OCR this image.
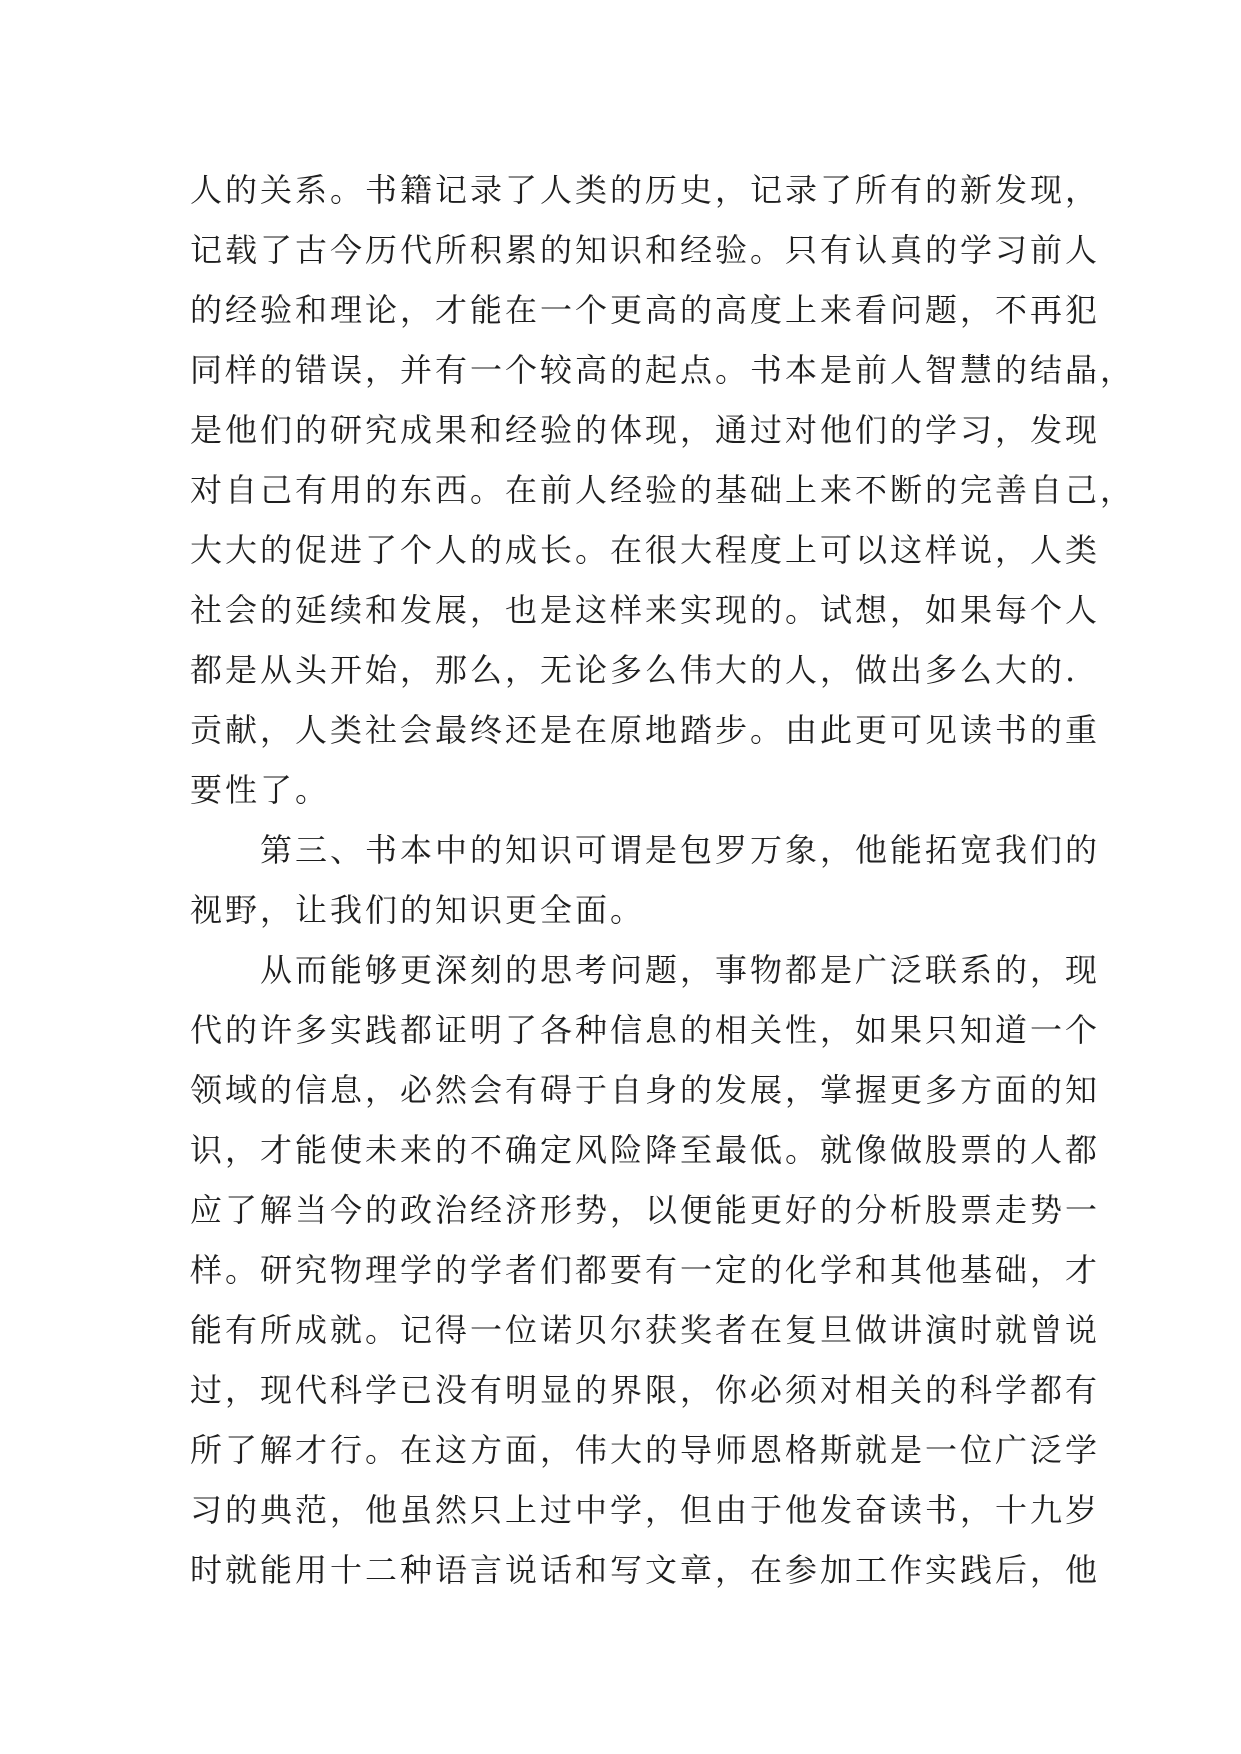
人的关系。书籍记录了人类的历史，记录了所有的新发现，
记载了古今历代所积累的知识和经验。只有认真的学习前人
的经验和理论，才能在一个更高的高度上来看问题，不再犯
同样的错误，并有一个较高的起点。书本是前人智慧的结晶，
是他们的研究成果和经验的体现，通过对他们的学习，发现
对自己有用的东西。在前人经验的基础上来不断的完善自己，
大大的促进了个人的成长。在很大程度上可以这样说，人类
社会的延续和发展，也是这样来实现的。试想，如果每个人
都是从头开始，那么，无论多么伟大的人，做出多么大的.
贡献，人类社会最终还是在原地踏步。由此更可见读书的重
要性了。
　　第三、书本中的知识可谓是包罗万象，他能拓宽我们的
视野，让我们的知识更全面。
　　从而能够更深刻的思考问题，事物都是广泛联系的，现
代的许多实践都证明了各种信息的相关性，如果只知道一个
领域的信息，必然会有碍于自身的发展，掌握更多方面的知
识，才能使未来的不确定风险降至最低。就像做股票的人都
应了解当今的政治经济形势，以便能更好的分析股票走势一
样。研究物理学的学者们都要有一定的化学和其他基础，才
能有所成就。记得一位诺贝尔获奖者在复旦做讲演时就曾说
过，现代科学已没有明显的界限，你必须对相关的科学都有
所了解才行。在这方面，伟大的导师恩格斯就是一位广泛学
习的典范，他虽然只上过中学，但由于他发奋读书，十九岁
时就能用十二种语言说话和写文章，在参加工作实践后，他
